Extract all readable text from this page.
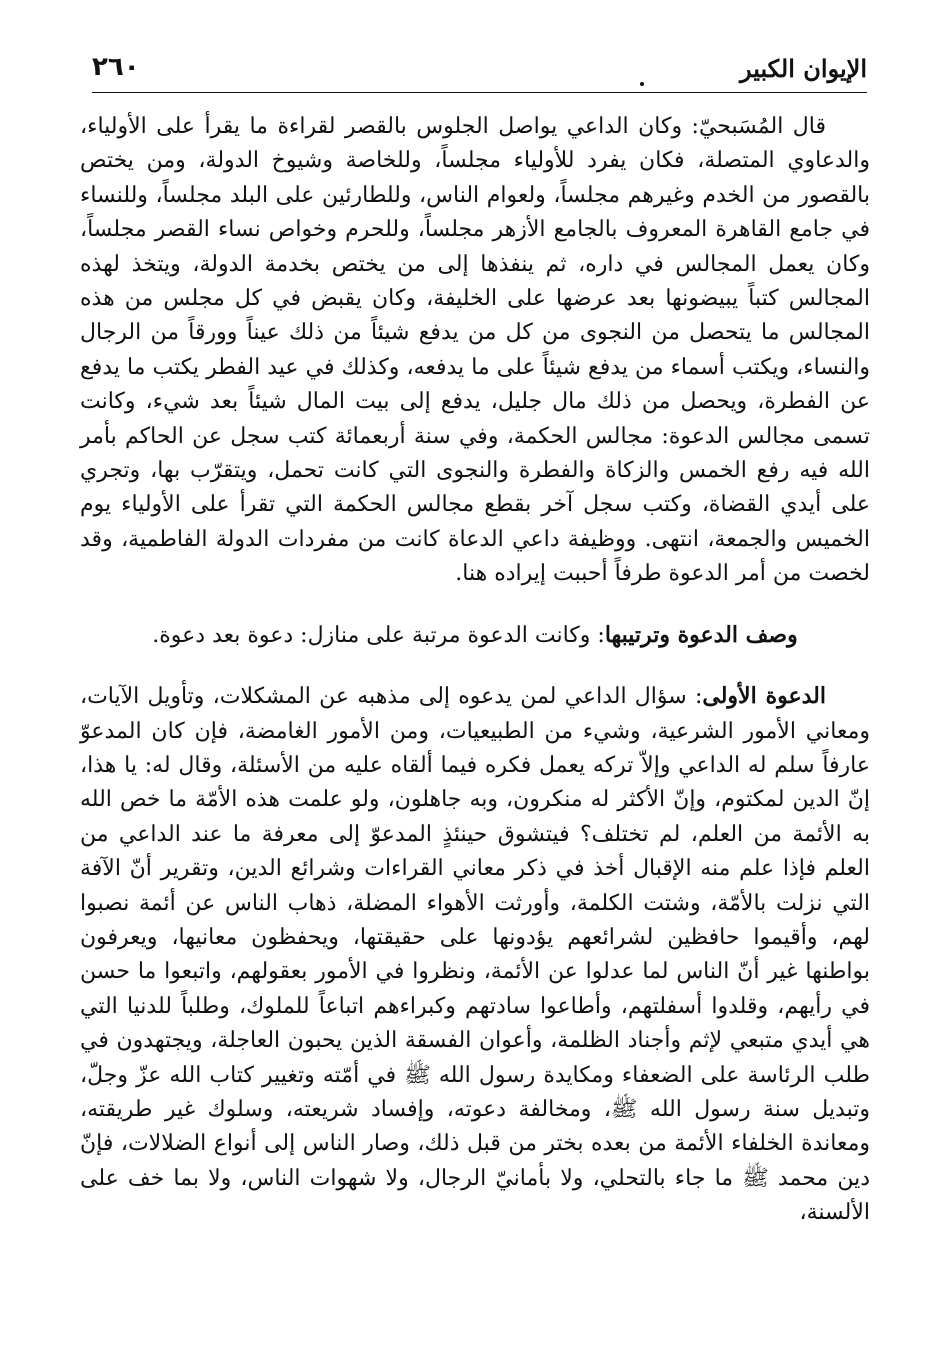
الإيوان الكبير
٢٦٠

قال المُسَبحيّ: وكان الداعي يواصل الجلوس بالقصر لقراءة ما يقرأ على الأولياء، والدعاوي المتصلة، فكان يفرد للأولياء مجلساً، وللخاصة وشيوخ الدولة، ومن يختص بالقصور من الخدم وغيرهم مجلساً، ولعوام الناس، وللطارئين على البلد مجلساً، وللنساء في جامع القاهرة المعروف بالجامع الأزهر مجلساً، وللحرم وخواص نساء القصر مجلساً، وكان يعمل المجالس في داره، ثم ينفذها إلى من يختص بخدمة الدولة، ويتخذ لهذه المجالس كتباً يبيضونها بعد عرضها على الخليفة، وكان يقبض في كل مجلس من هذه المجالس ما يتحصل من النجوى من كل من يدفع شيئاً من ذلك عيناً وورقاً من الرجال والنساء، ويكتب أسماء من يدفع شيئاً على ما يدفعه، وكذلك في عيد الفطر يكتب ما يدفع عن الفطرة، ويحصل من ذلك مال جليل، يدفع إلى بيت المال شيئاً بعد شيء، وكانت تسمى مجالس الدعوة: مجالس الحكمة، وفي سنة أربعمائة كتب سجل عن الحاكم بأمر الله فيه رفع الخمس والزكاة والفطرة والنجوى التي كانت تحمل، ويتقرّب بها، وتجري على أيدي القضاة، وكتب سجل آخر بقطع مجالس الحكمة التي تقرأ على الأولياء يوم الخميس والجمعة، انتهى. ووظيفة داعي الدعاة كانت من مفردات الدولة الفاطمية، وقد لخصت من أمر الدعوة طرفاً أحببت إيراده هنا.

وصف الدعوة وترتيبها: وكانت الدعوة مرتبة على منازل: دعوة بعد دعوة.

الدعوة الأولى: سؤال الداعي لمن يدعوه إلى مذهبه عن المشكلات، وتأويل الآيات، ومعاني الأمور الشرعية، وشيء من الطبيعيات، ومن الأمور الغامضة، فإن كان المدعوّ عارفاً سلم له الداعي وإلاّ تركه يعمل فكره فيما ألقاه عليه من الأسئلة، وقال له: يا هذا، إنّ الدين لمكتوم، وإنّ الأكثر له منكرون، وبه جاهلون، ولو علمت هذه الأمّة ما خص الله به الأئمة من العلم، لم تختلف؟ فيتشوق حينئذٍ المدعوّ إلى معرفة ما عند الداعي من العلم فإذا علم منه الإقبال أخذ في ذكر معاني القراءات وشرائع الدين، وتقرير أنّ الآفة التي نزلت بالأمّة، وشتت الكلمة، وأورثت الأهواء المضلة، ذهاب الناس عن أئمة نصبوا لهم، وأقيموا حافظين لشرائعهم يؤدونها على حقيقتها، ويحفظون معانيها، ويعرفون بواطنها غير أنّ الناس لما عدلوا عن الأئمة، ونظروا في الأمور بعقولهم، واتبعوا ما حسن في رأيهم، وقلدوا أسفلتهم، وأطاعوا سادتهم وكبراءهم اتباعاً للملوك، وطلباً للدنيا التي هي أيدي متبعي لإثم وأجناد الظلمة، وأعوان الفسقة الذين يحبون العاجلة، ويجتهدون في طلب الرئاسة على الضعفاء ومكايدة رسول الله ﷺ في أمّته وتغيير كتاب الله عزّ وجلّ، وتبديل سنة رسول الله ﷺ، ومخالفة دعوته، وإفساد شريعته، وسلوك غير طريقته، ومعاندة الخلفاء الأئمة من بعده بختر من قبل ذلك، وصار الناس إلى أنواع الضلالات، فإنّ دين محمد ﷺ ما جاء بالتحلي، ولا بأمانيّ الرجال، ولا شهوات الناس، ولا بما خف على الألسنة،
